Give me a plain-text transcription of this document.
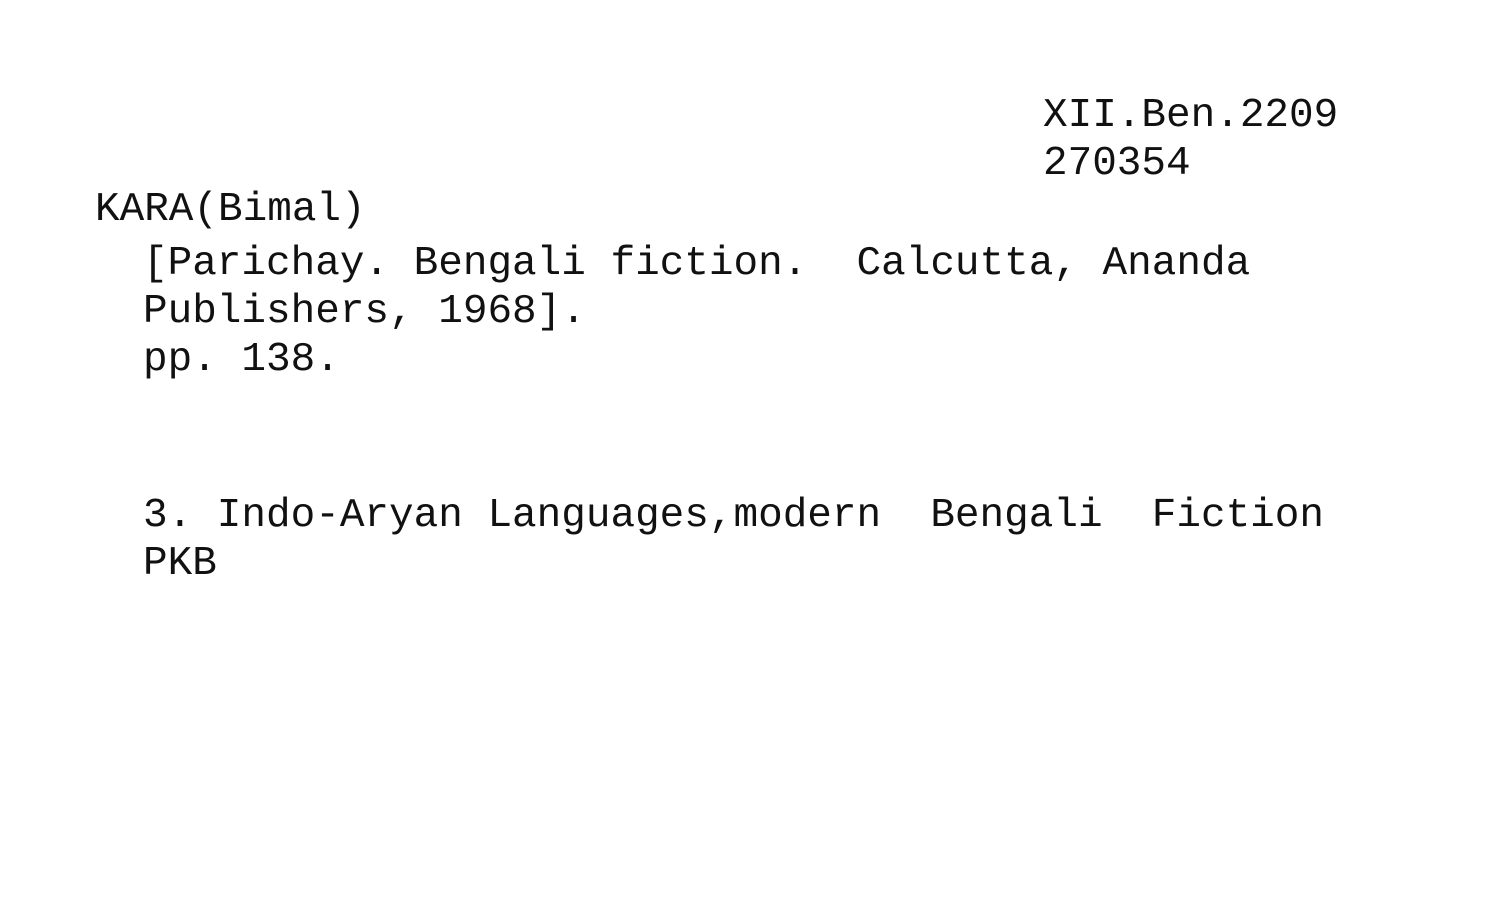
XII.Ben.2209
270354
KARA(Bimal)
[Parichay. Bengali fiction.  Calcutta, Ananda
Publishers, 1968].
pp. 138.
3. Indo-Aryan Languages,modern  Bengali  Fiction
PKB
